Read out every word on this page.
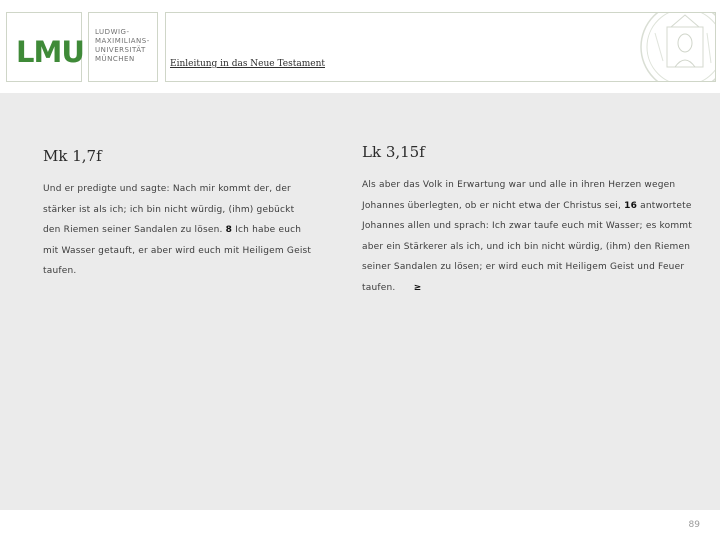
LMU
LUDWIG-
MAXIMILIANS-
UNIVERSITÄT
MÜNCHEN	Einleitung in das Neue Testament
Mk 1,7f
Und er predigte und sagte: Nach mir kommt der, der stärker ist als ich; ich bin nicht würdig, (ihm) gebückt den Riemen seiner Sandalen zu lösen. 8 Ich habe euch mit Wasser getauft, er aber wird euch mit Heiligem Geist taufen.
Lk 3,15f
Als aber das Volk in Erwartung war und alle in ihren Herzen wegen Johannes überlegten, ob er nicht etwa der Christus sei, 16 antwortete Johannes allen und sprach: Ich zwar taufe euch mit Wasser; es kommt aber ein Stärkerer als ich, und ich bin nicht würdig, (ihm) den Riemen seiner Sandalen zu lösen; er wird euch mit Heiligem Geist und Feuer taufen. ≥
89
